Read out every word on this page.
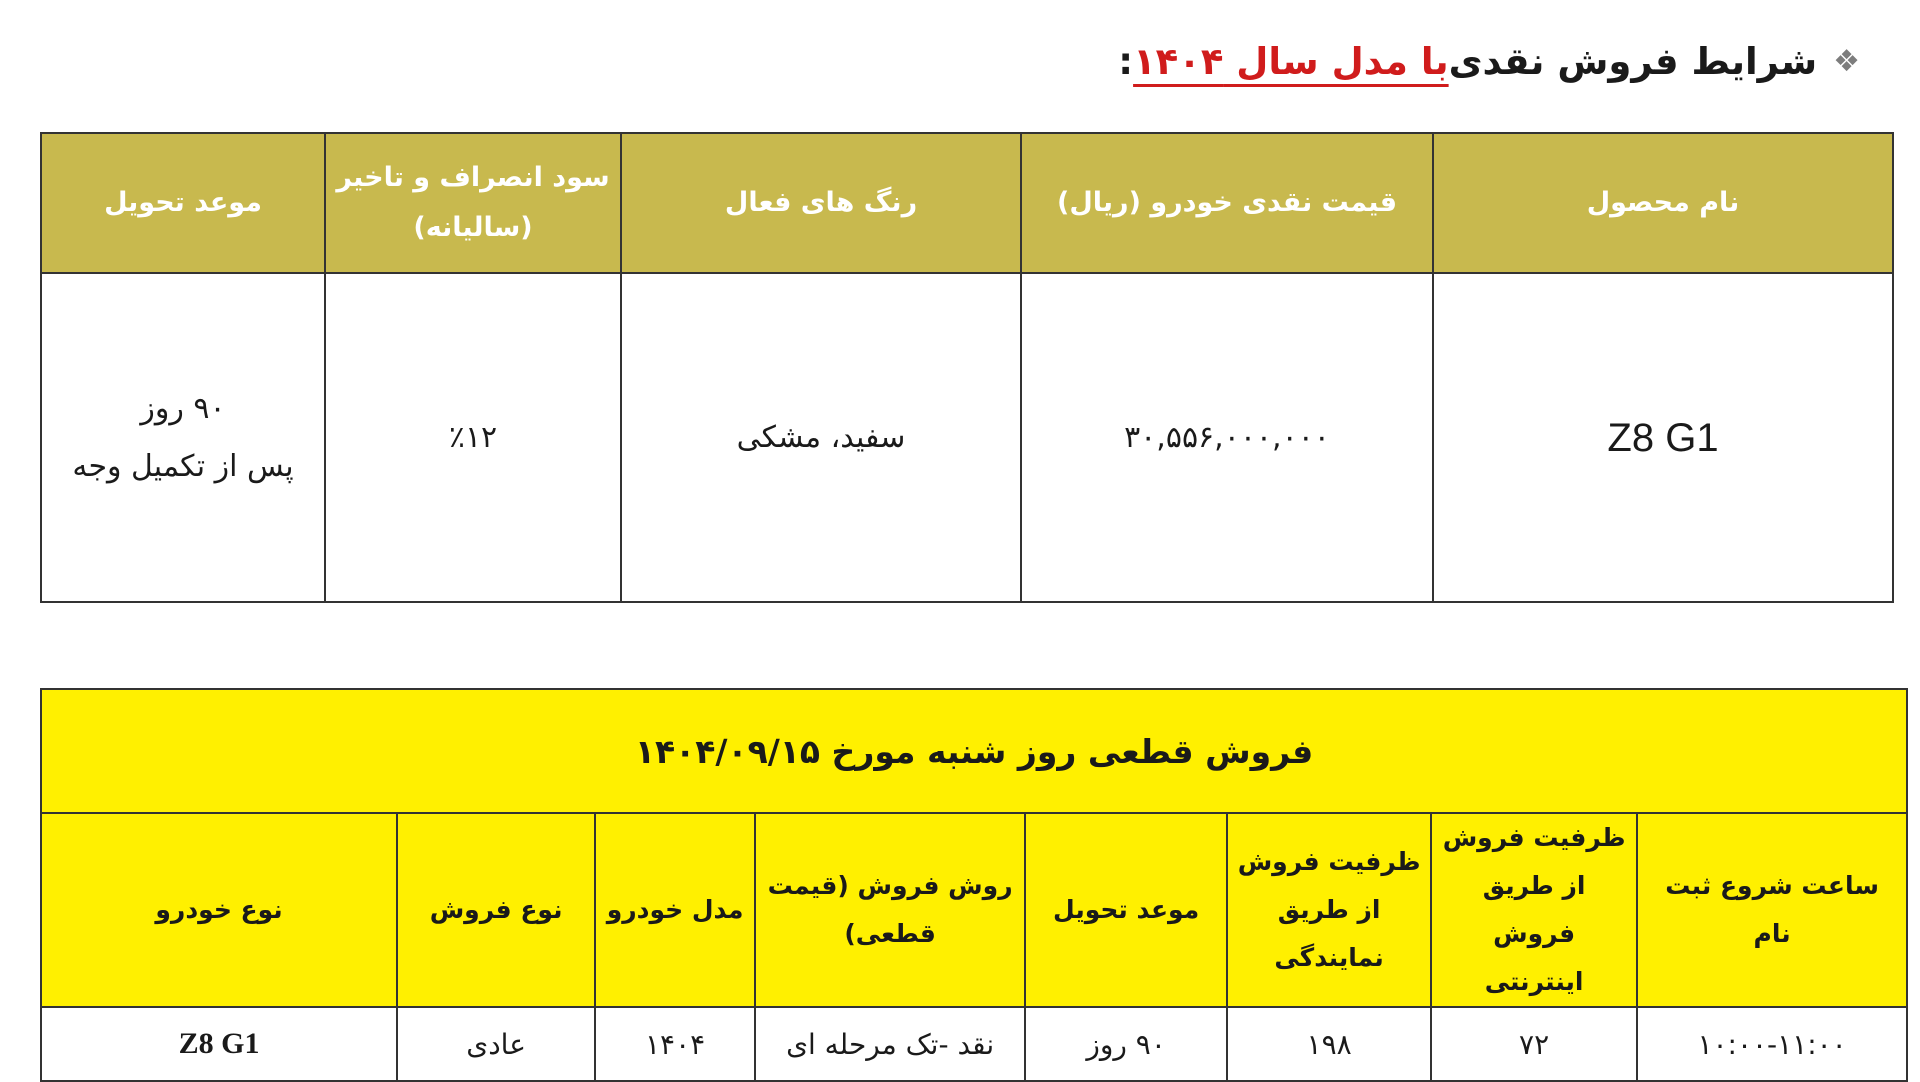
❖
شرایط فروش نقدی
با مدل سال ۱۴۰۴
:
نام محصول	قیمت نقدی خودرو (ریال)	رنگ های فعال	سود انصراف و تاخیر (سالیانه)	موعد تحویل
Z8 G1	۳۰,۵۵۶,۰۰۰,۰۰۰	سفید، مشکی	٪۱۲	۹۰ روز
پس از تکمیل وجه
فروش قطعی روز شنبه مورخ ۱۴۰۴/۰۹/۱۵							
ساعت شروع ثبت نام	ظرفیت فروش از طریق فروش اینترنتی	ظرفیت فروش از طریق نمایندگی	موعد تحویل	روش فروش (قیمت قطعی)	مدل خودرو	نوع فروش	نوع خودرو
۱۰:۰۰-۱۱:۰۰	۷۲	۱۹۸	۹۰ روز	نقد -تک مرحله ای	۱۴۰۴	عادی	Z8 G1
